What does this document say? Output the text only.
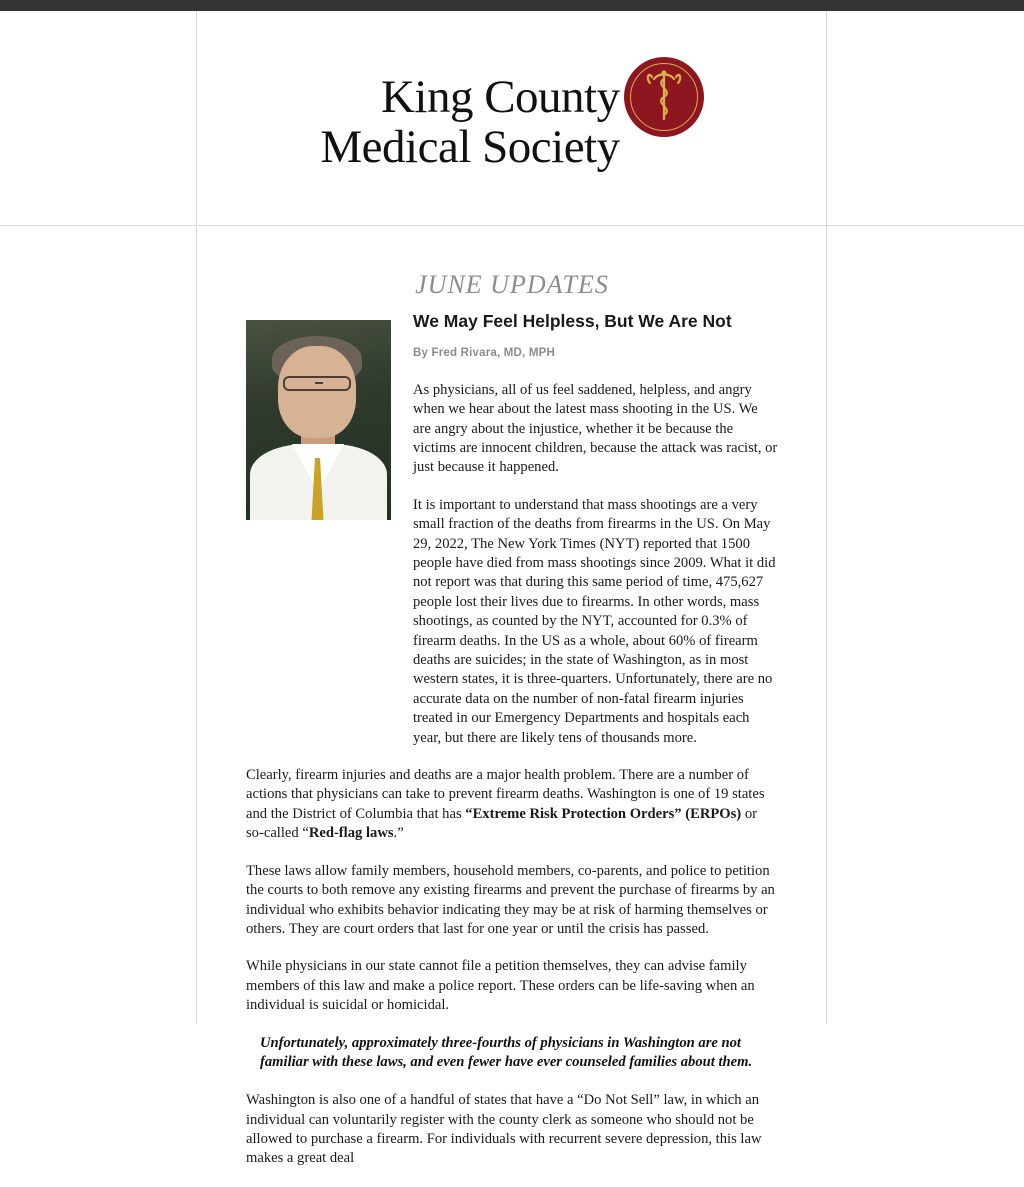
King County
Medical Society
JUNE UPDATES
We May Feel Helpless, But We Are Not
By Fred Rivara, MD, MPH

As physicians, all of us feel saddened, helpless, and angry when we hear about the latest mass shooting in the US. We are angry about the injustice, whether it be because the victims are innocent children, because the attack was racist, or just because it happened.

It is important to understand that mass shootings are a very small fraction of the deaths from firearms in the US. On May 29, 2022, The New York Times (NYT) reported that 1500 people have died from mass shootings since 2009. What it did not report was that during this same period of time, 475,627 people lost their lives due to firearms. In other words, mass shootings, as counted by the NYT, accounted for 0.3% of firearm deaths. In the US as a whole, about 60% of firearm deaths are suicides; in the state of Washington, as in most western states, it is three-quarters. Unfortunately, there are no accurate data on the number of non-fatal firearm injuries treated in our Emergency Departments and hospitals each year, but there are likely tens of thousands more.

Clearly, firearm injuries and deaths are a major health problem. There are a number of actions that physicians can take to prevent firearm deaths. Washington is one of 19 states and the District of Columbia that has “Extreme Risk Protection Orders” (ERPOs) or so-called “Red-flag laws.”

These laws allow family members, household members, co-parents, and police to petition the courts to both remove any existing firearms and prevent the purchase of firearms by an individual who exhibits behavior indicating they may be at risk of harming themselves or others. They are court orders that last for one year or until the crisis has passed.

While physicians in our state cannot file a petition themselves, they can advise family members of this law and make a police report. These orders can be life-saving when an individual is suicidal or homicidal.

Unfortunately, approximately three-fourths of physicians in Washington are not familiar with these laws, and even fewer have ever counseled families about them.

Washington is also one of a handful of states that have a “Do Not Sell” law, in which an individual can voluntarily register with the county clerk as someone who should not be allowed to purchase a firearm. For individuals with recurrent severe depression, this law makes a great deal
